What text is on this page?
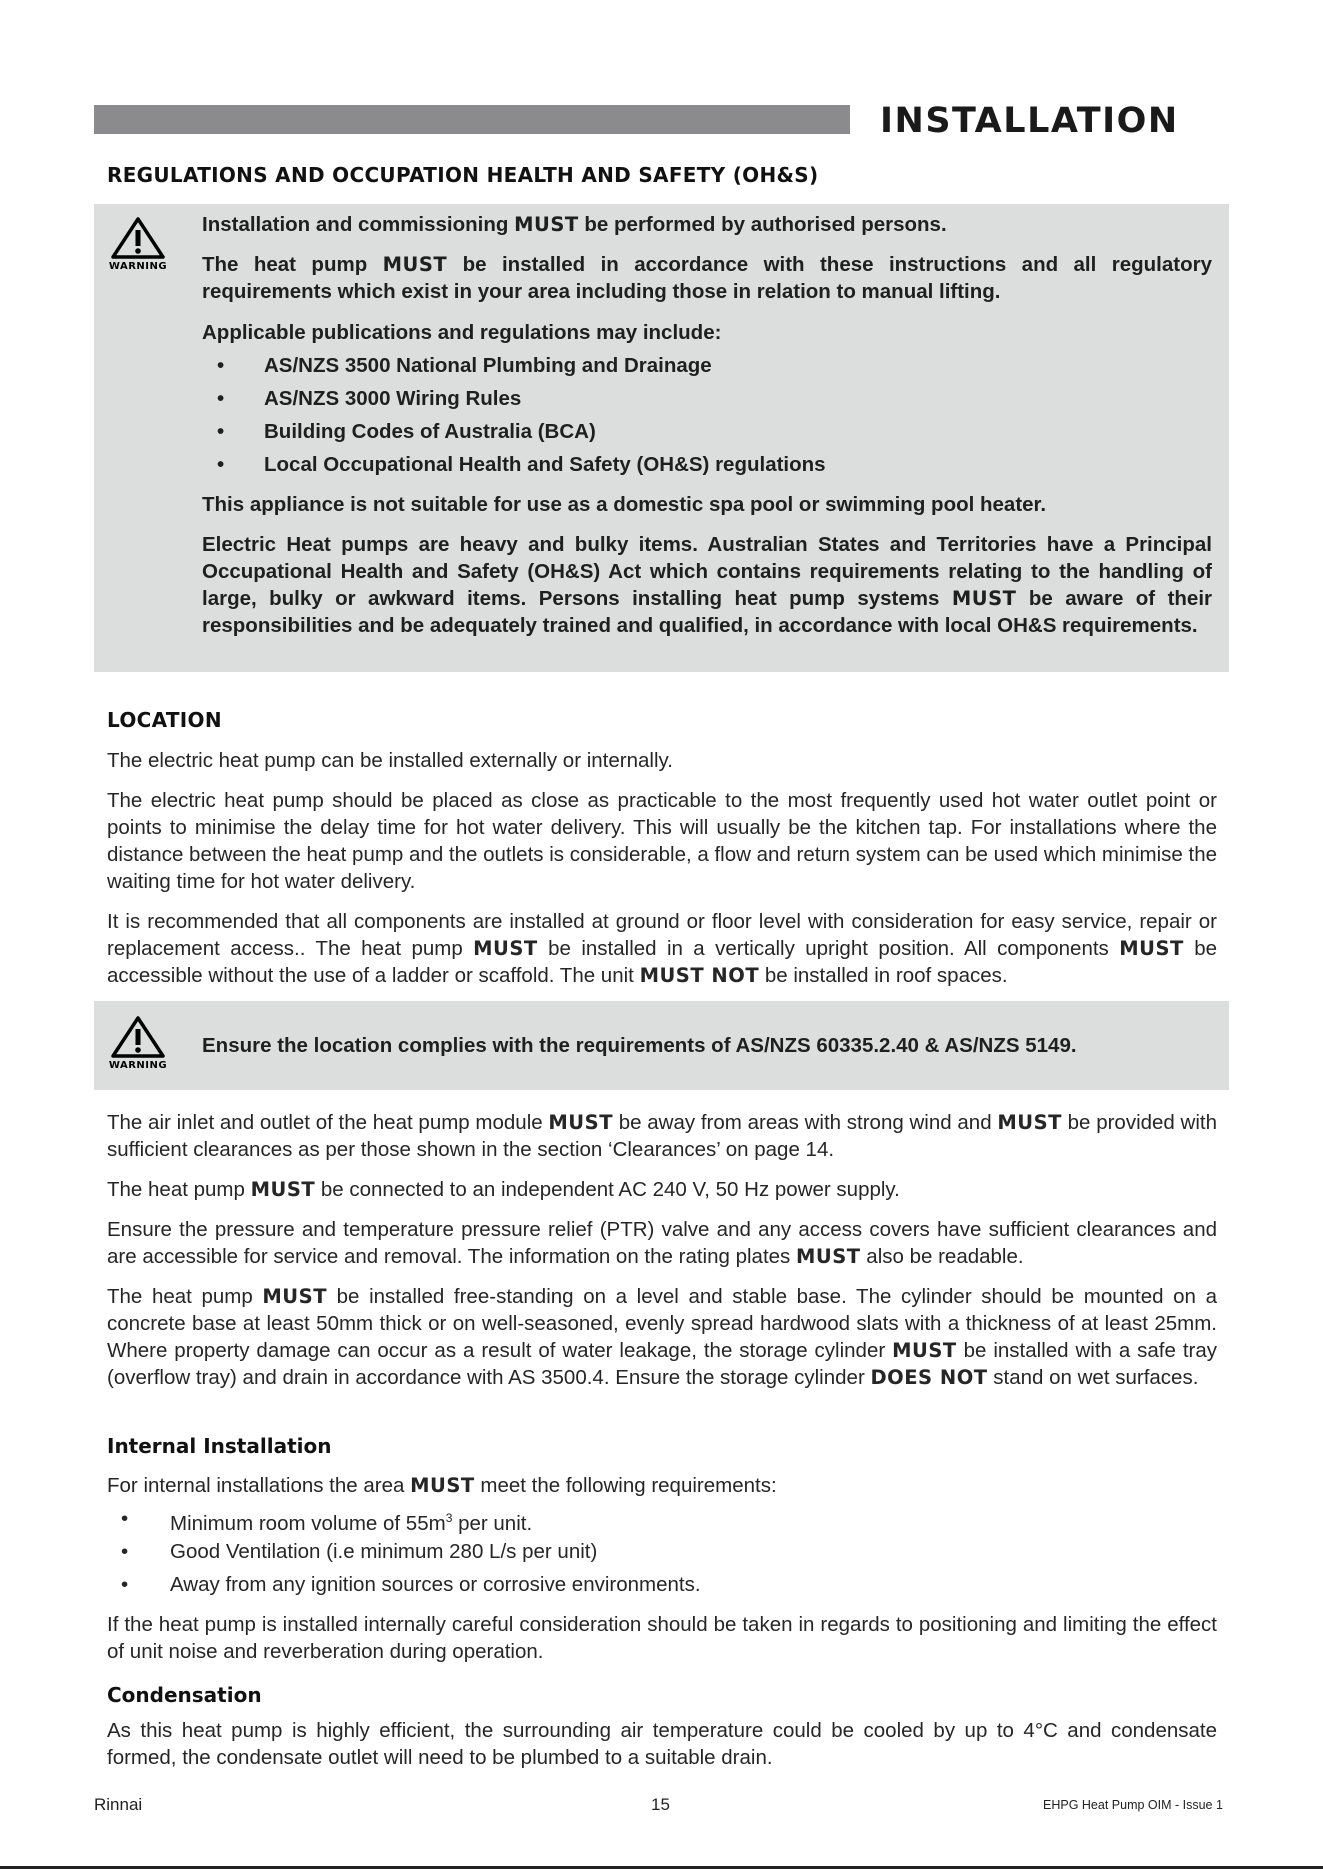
INSTALLATION
REGULATIONS AND OCCUPATION HEALTH AND SAFETY (OH&S)
WARNING

Installation and commissioning MUST be performed by authorised persons.

The heat pump MUST be installed in accordance with these instructions and all regulatory requirements which exist in your area including those in relation to manual lifting.

Applicable publications and regulations may include:

• AS/NZS 3500 National Plumbing and Drainage
• AS/NZS 3000 Wiring Rules
• Building Codes of Australia (BCA)
• Local Occupational Health and Safety (OH&S) regulations

This appliance is not suitable for use as a domestic spa pool or swimming pool heater.

Electric Heat pumps are heavy and bulky items. Australian States and Territories have a Principal Occupational Health and Safety (OH&S) Act which contains requirements relating to the handling of large, bulky or awkward items. Persons installing heat pump systems MUST be aware of their responsibilities and be adequately trained and qualified, in accordance with local OH&S requirements.

LOCATION

The electric heat pump can be installed externally or internally.

The electric heat pump should be placed as close as practicable to the most frequently used hot water outlet point or points to minimise the delay time for hot water delivery. This will usually be the kitchen tap. For installations where the distance between the heat pump and the outlets is considerable, a flow and return system can be used which minimise the waiting time for hot water delivery.

It is recommended that all components are installed at ground or floor level with consideration for easy service, repair or replacement access.. The heat pump MUST be installed in a vertically upright position. All components MUST be accessible without the use of a ladder or scaffold. The unit MUST NOT be installed in roof spaces.

WARNING

Ensure the location complies with the requirements of AS/NZS 60335.2.40 & AS/NZS 5149.

The air inlet and outlet of the heat pump module MUST be away from areas with strong wind and MUST be provided with sufficient clearances as per those shown in the section ‘Clearances’ on page 14.

The heat pump MUST be connected to an independent AC 240 V, 50 Hz power supply.

Ensure the pressure and temperature pressure relief (PTR) valve and any access covers have sufficient clearances and are accessible for service and removal. The information on the rating plates MUST also be readable.

The heat pump MUST be installed free-standing on a level and stable base. The cylinder should be mounted on a concrete base at least 50mm thick or on well-seasoned, evenly spread hardwood slats with a thickness of at least 25mm. Where property damage can occur as a result of water leakage, the storage cylinder MUST be installed with a safe tray (overflow tray) and drain in accordance with AS 3500.4. Ensure the storage cylinder DOES NOT stand on wet surfaces.

Internal Installation

For internal installations the area MUST meet the following requirements:

• Minimum room volume of $55m^3$ per unit.
• Good Ventilation (i.e minimum 280 L/s per unit)
• Away from any ignition sources or corrosive environments.

If the heat pump is installed internally careful consideration should be taken in regards to positioning and limiting the effect of unit noise and reverberation during operation.

Condensation

As this heat pump is highly efficient, the surrounding air temperature could be cooled by up to 4°C and condensate formed, the condensate outlet will need to be plumbed to a suitable drain.

Rinnai	15	EHPG Heat Pump OIM - Issue 1
